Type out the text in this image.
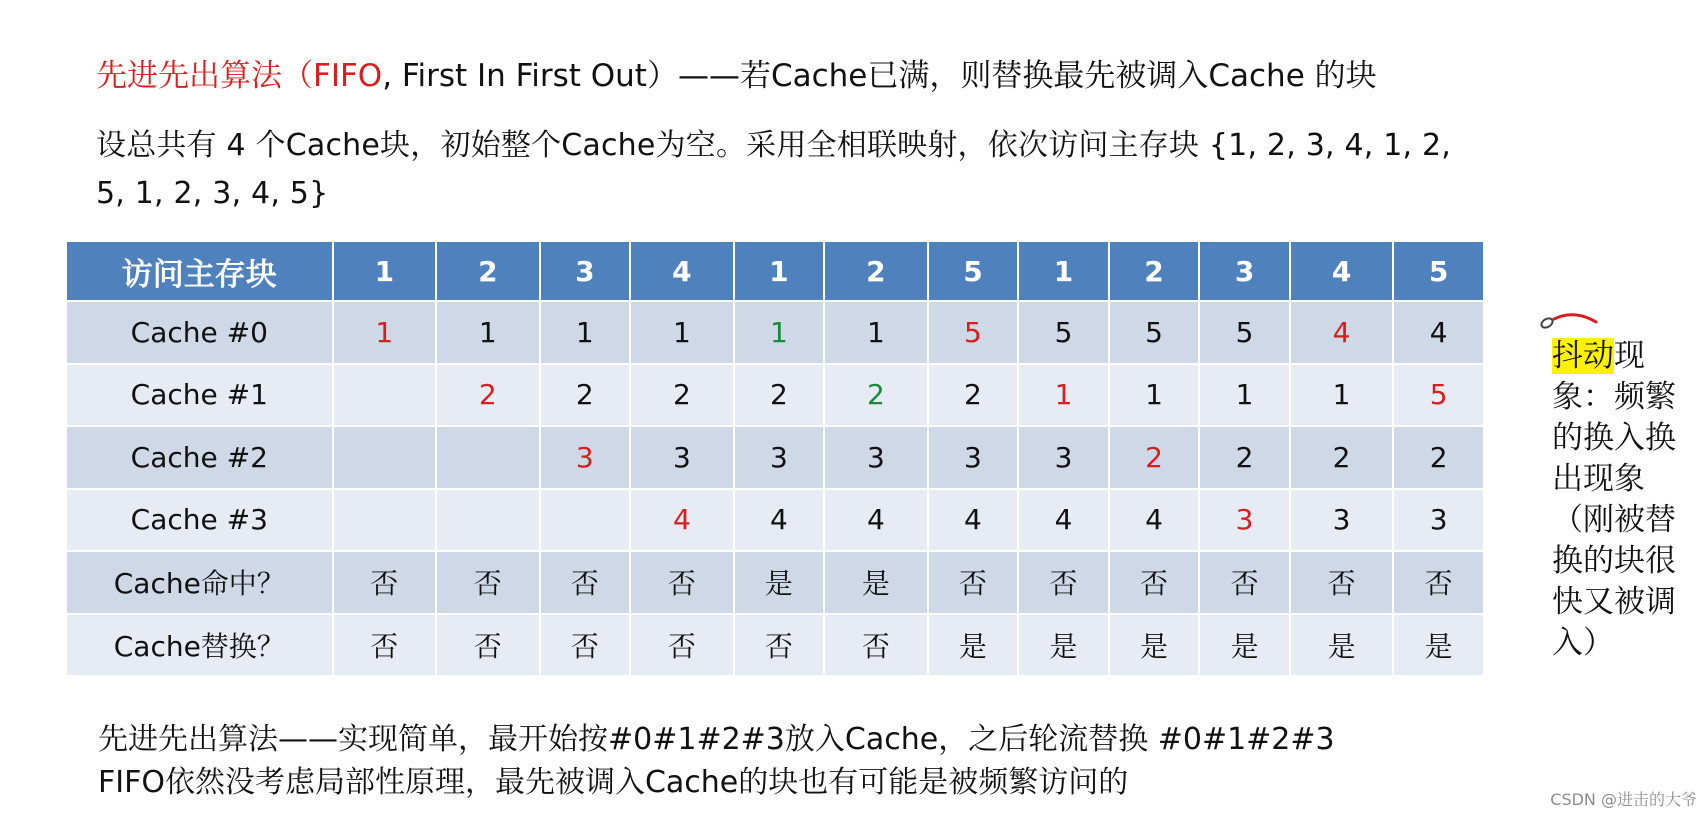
先进先出算法（FIFO, First In First Out）——若Cache已满，则替换最先被调入Cache 的块
设总共有 4 个Cache块，初始整个Cache为空。采用全相联映射，依次访问主存块 {1, 2, 3, 4, 1, 2, 5, 1, 2, 3, 4, 5}
访问主存块	1	2	3	4	1	2	5	1	2	3	4	5
Cache #0	1	1	1	1	1	1	5	5	5	5	4	4
Cache #1		2	2	2	2	2	2	1	1	1	1	5
Cache #2			3	3	3	3	3	3	2	2	2	2
Cache #3				4	4	4	4	4	4	3	3	3
Cache命中？	否	否	否	否	是	是	否	否	否	否	否	否
Cache替换？	否	否	否	否	否	否	是	是	是	是	是	是
抖动现象：频繁的换入换出现象（刚被替换的块很快又被调入）
先进先出算法——实现简单，最开始按#0#1#2#3放入Cache，之后轮流替换 #0#1#2#3
FIFO依然没考虑局部性原理，最先被调入Cache的块也有可能是被频繁访问的	CSDN @进击的大爷
